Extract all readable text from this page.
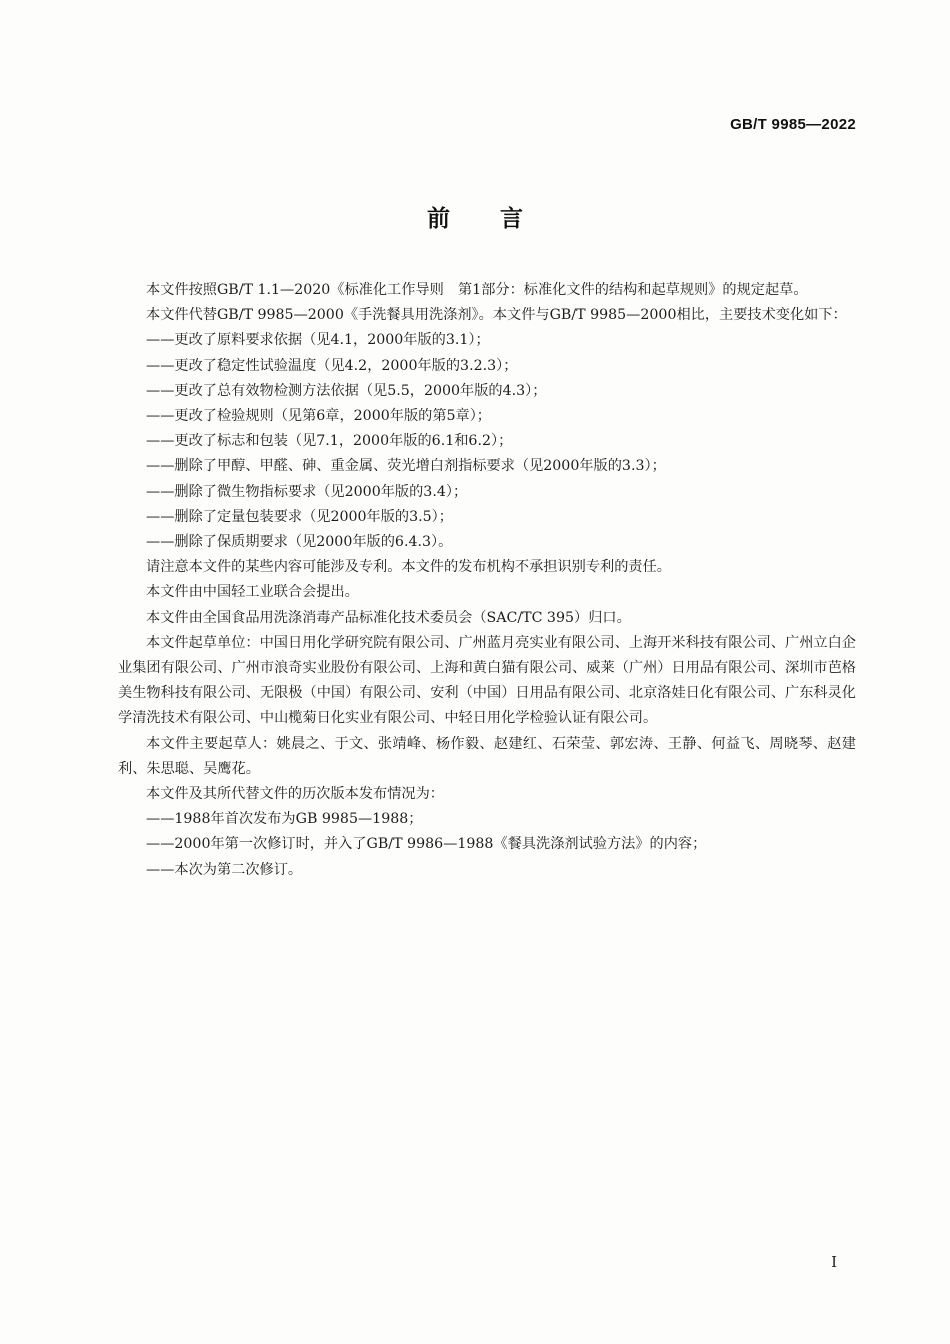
GB/T 9985—2022
前言

本文件按照GB/T 1.1—2020《标准化工作导则　第1部分：标准化文件的结构和起草规则》的规定起草。

本文件代替GB/T 9985—2000《手洗餐具用洗涤剂》。本文件与GB/T 9985—2000相比，主要技术变化如下：

——更改了原料要求依据（见4.1，2000年版的3.1）；

——更改了稳定性试验温度（见4.2，2000年版的3.2.3）；

——更改了总有效物检测方法依据（见5.5，2000年版的4.3）；

——更改了检验规则（见第6章，2000年版的第5章）；

——更改了标志和包装（见7.1，2000年版的6.1和6.2）；

——删除了甲醇、甲醛、砷、重金属、荧光增白剂指标要求（见2000年版的3.3）；

——删除了微生物指标要求（见2000年版的3.4）；

——删除了定量包装要求（见2000年版的3.5）；

——删除了保质期要求（见2000年版的6.4.3）。

请注意本文件的某些内容可能涉及专利。本文件的发布机构不承担识别专利的责任。

本文件由中国轻工业联合会提出。

本文件由全国食品用洗涤消毒产品标准化技术委员会（SAC/TC 395）归口。

本文件起草单位：中国日用化学研究院有限公司、广州蓝月亮实业有限公司、上海开米科技有限公司、广州立白企业集团有限公司、广州市浪奇实业股份有限公司、上海和黄白猫有限公司、威莱（广州）日用品有限公司、深圳市芭格美生物科技有限公司、无限极（中国）有限公司、安利（中国）日用品有限公司、北京洛娃日化有限公司、广东科灵化学清洗技术有限公司、中山榄菊日化实业有限公司、中轻日用化学检验认证有限公司。

本文件主要起草人：姚晨之、于文、张靖峰、杨作毅、赵建红、石荣莹、郭宏涛、王静、何益飞、周晓琴、赵建利、朱思聪、吴鹰花。

本文件及其所代替文件的历次版本发布情况为：

——1988年首次发布为GB 9985—1988；

——2000年第一次修订时，并入了GB/T 9986—1988《餐具洗涤剂试验方法》的内容；

——本次为第二次修订。

I
